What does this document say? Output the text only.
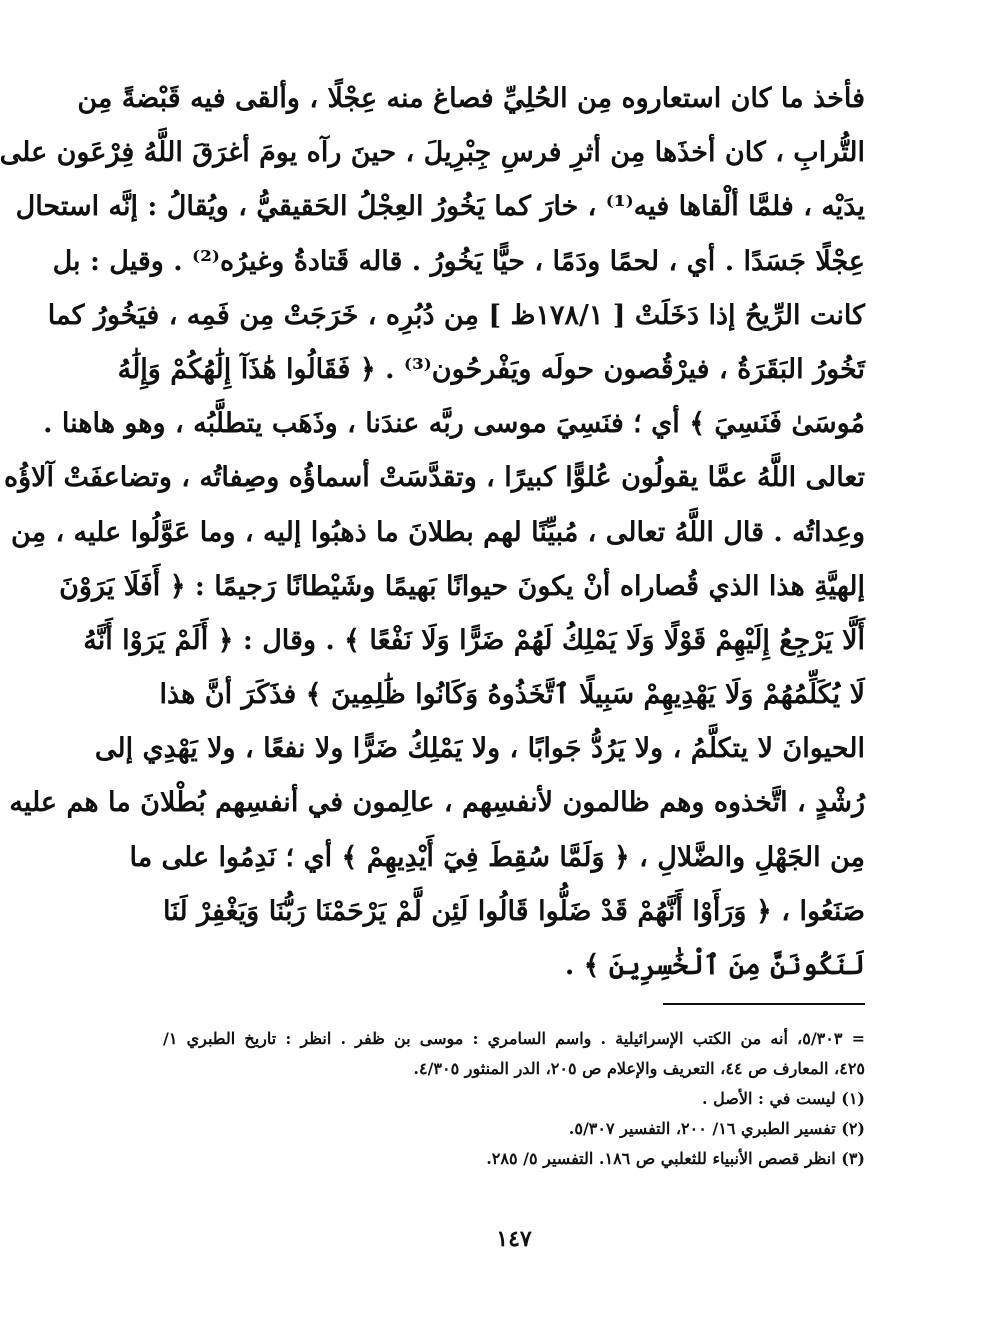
فأخذ ما كان استعاروه مِن الحُلِيِّ فصاغ منه عِجْلًا ، وألقى فيه قَبْضةً مِن
التُّرابِ ، كان أخذَها مِن أثرِ فرسِ جِبْرِيلَ ، حينَ رآه يومَ أغرَقَ اللَّهُ فِرْعَون على
يدَيْه ، فلمَّا ألْقاها فيه⁽¹⁾ ، خارَ كما يَخُورُ العِجْلُ الحَقيقيُّ ، ويُقالُ : إنَّه استحال
عِجْلًا جَسَدًا . أي ، لحمًا ودَمًا ، حيًّا يَخُورُ . قاله قَتادةُ وغيرُه⁽²⁾ . وقيل : بل
كانت الرِّيحُ إذا دَخَلَتْ [ ١٧٨/١ظ ] مِن دُبُرِه ، خَرَجَتْ مِن فَمِه ، فيَخُورُ كما
تَخُورُ البَقَرَةُ ، فيرْقُصون حولَه ويَفْرحُون⁽³⁾ . ﴿ فَقَالُوا هَٰذَآ إِلَٰهُكُمْ وَإِلَٰهُ
مُوسَىٰ فَنَسِيَ ﴾ أي ؛ فنَسِيَ موسى ربَّه عندَنا ، وذَهَب يتطلَّبُه ، وهو هاهنا .
تعالى اللَّهُ عمَّا يقولُون عُلوًّا كبيرًا ، وتقدَّسَتْ أسماؤُه وصِفاتُه ، وتضاعفَتْ آلاؤُه
وعِداتُه . قال اللَّهُ تعالى ، مُبيِّنًا لهم بطلانَ ما ذهبُوا إليه ، وما عَوَّلُوا عليه ، مِن
إلهيَّةِ هذا الذي قُصاراه أنْ يكونَ حيوانًا بَهيمًا وشَيْطانًا رَجيمًا : ﴿ أَفَلَا يَرَوْنَ
أَلَّا يَرْجِعُ إِلَيْهِمْ قَوْلًا وَلَا يَمْلِكُ لَهُمْ ضَرًّا وَلَا نَفْعًا ﴾ . وقال : ﴿ أَلَمْ يَرَوْا أَنَّهُ
لَا يُكَلِّمُهُمْ وَلَا يَهْدِيهِمْ سَبِيلًا ٱتَّخَذُوهُ وَكَانُوا ظَٰلِمِينَ ﴾ فذَكَرَ أنَّ هذا
الحيوانَ لا يتكلَّمُ ، ولا يَرُدُّ جَوابًا ، ولا يَمْلِكُ ضَرًّا ولا نفعًا ، ولا يَهْدِي إلى
رُشْدٍ ، اتَّخذوه وهم ظالمون لأنفسِهم ، عالِمون في أنفسِهم بُطْلانَ ما هم عليه
مِن الجَهْلِ والضَّلالِ ، ﴿ وَلَمَّا سُقِطَ فِيٓ أَيْدِيهِمْ ﴾ أي ؛ نَدِمُوا على ما
صَنَعُوا ، ﴿ وَرَأَوْا أَنَّهُمْ قَدْ ضَلُّوا قَالُوا لَئِن لَّمْ يَرْحَمْنَا رَبُّنَا وَيَغْفِرْ لَنَا
لَنَكُونَنَّ مِنَ ٱلْخَٰسِرِينَ ﴾ .
= ٥/٣٠٣، أنه من الكتب الإسرائيلية . واسم السامري : موسى بن ظفر . انظر : تاريخ الطبري ١/
٤٢٥، المعارف ص ٤٤، التعريف والإعلام ص ٢٠٥، الدر المنثور ٤/٣٠٥.
(١) ليست في : الأصل .
(٢) تفسير الطبري ١٦/ ٢٠٠، التفسير ٥/٣٠٧.
(٣) انظر قصص الأنبياء للثعلبي ص ١٨٦. التفسير ٥/ ٢٨٥.
١٤٧
